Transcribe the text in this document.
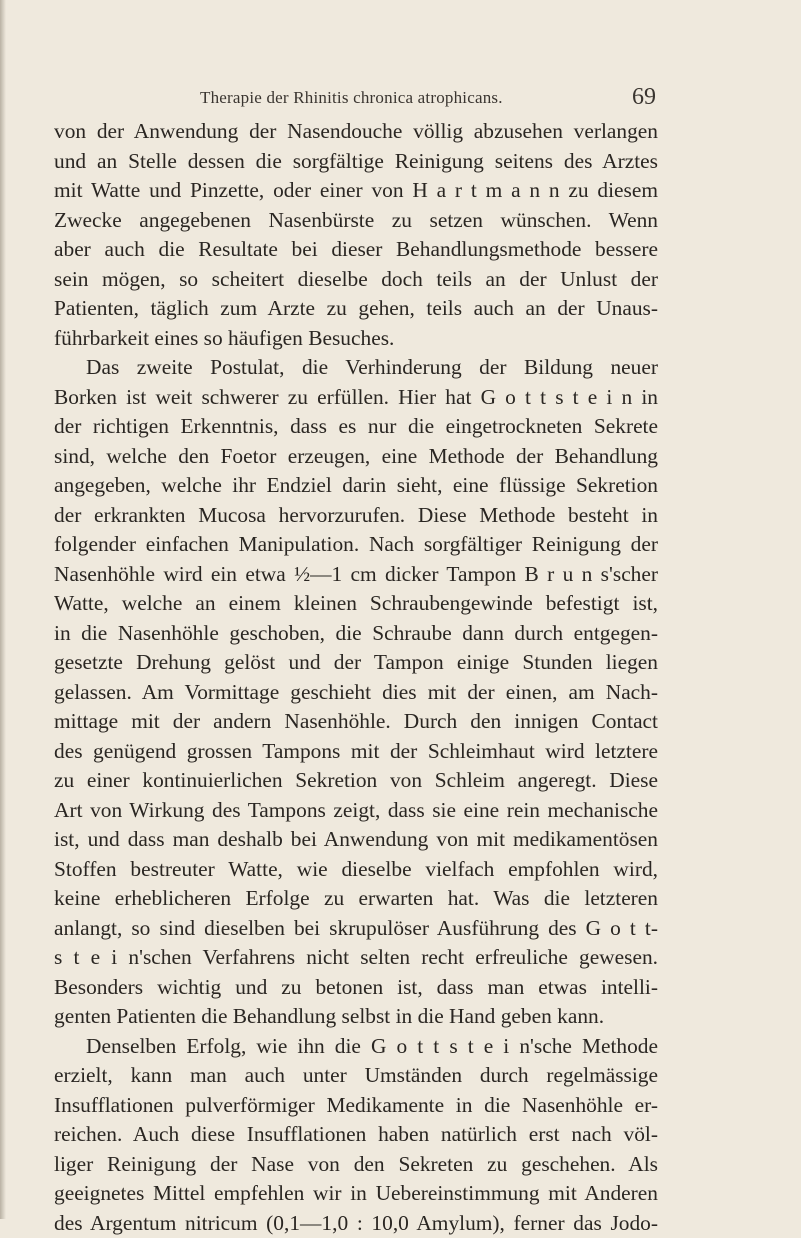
Therapie der Rhinitis chronica atrophicans.	69
von der Anwendung der Nasendouche völlig abzusehen verlangen
und an Stelle dessen die sorgfältige Reinigung seitens des Arztes
mit Watte und Pinzette, oder einer von H a r t m a n n zu diesem
Zwecke angegebenen Nasenbürste zu setzen wünschen. Wenn
aber auch die Resultate bei dieser Behandlungsmethode bessere
sein mögen, so scheitert dieselbe doch teils an der Unlust der
Patienten, täglich zum Arzte zu gehen, teils auch an der Unaus-
führbarkeit eines so häufigen Besuches.
Das zweite Postulat, die Verhinderung der Bildung neuer
Borken ist weit schwerer zu erfüllen. Hier hat G o t t s t e i n in
der richtigen Erkenntnis, dass es nur die eingetrockneten Sekrete
sind, welche den Foetor erzeugen, eine Methode der Behandlung
angegeben, welche ihr Endziel darin sieht, eine flüssige Sekretion
der erkrankten Mucosa hervorzurufen. Diese Methode besteht in
folgender einfachen Manipulation. Nach sorgfältiger Reinigung der
Nasenhöhle wird ein etwa ½—1 cm dicker Tampon B r u n s'scher
Watte, welche an einem kleinen Schraubengewinde befestigt ist,
in die Nasenhöhle geschoben, die Schraube dann durch entgegen-
gesetzte Drehung gelöst und der Tampon einige Stunden liegen
gelassen. Am Vormittage geschieht dies mit der einen, am Nach-
mittage mit der andern Nasenhöhle. Durch den innigen Contact
des genügend grossen Tampons mit der Schleimhaut wird letztere
zu einer kontinuierlichen Sekretion von Schleim angeregt. Diese
Art von Wirkung des Tampons zeigt, dass sie eine rein mechanische
ist, und dass man deshalb bei Anwendung von mit medikamentösen
Stoffen bestreuter Watte, wie dieselbe vielfach empfohlen wird,
keine erheblicheren Erfolge zu erwarten hat. Was die letzteren
anlangt, so sind dieselben bei skrupulöser Ausführung des G o t t-
s t e i n'schen Verfahrens nicht selten recht erfreuliche gewesen.
Besonders wichtig und zu betonen ist, dass man etwas intelli-
genten Patienten die Behandlung selbst in die Hand geben kann.
Denselben Erfolg, wie ihn die G o t t s t e i n'sche Methode
erzielt, kann man auch unter Umständen durch regelmässige
Insufflationen pulverförmiger Medikamente in die Nasenhöhle er-
reichen. Auch diese Insufflationen haben natürlich erst nach völ-
liger Reinigung der Nase von den Sekreten zu geschehen. Als
geeignetes Mittel empfehlen wir in Uebereinstimmung mit Anderen
des Argentum nitricum (0,1—1,0 : 10,0 Amylum), ferner das Jodo-
